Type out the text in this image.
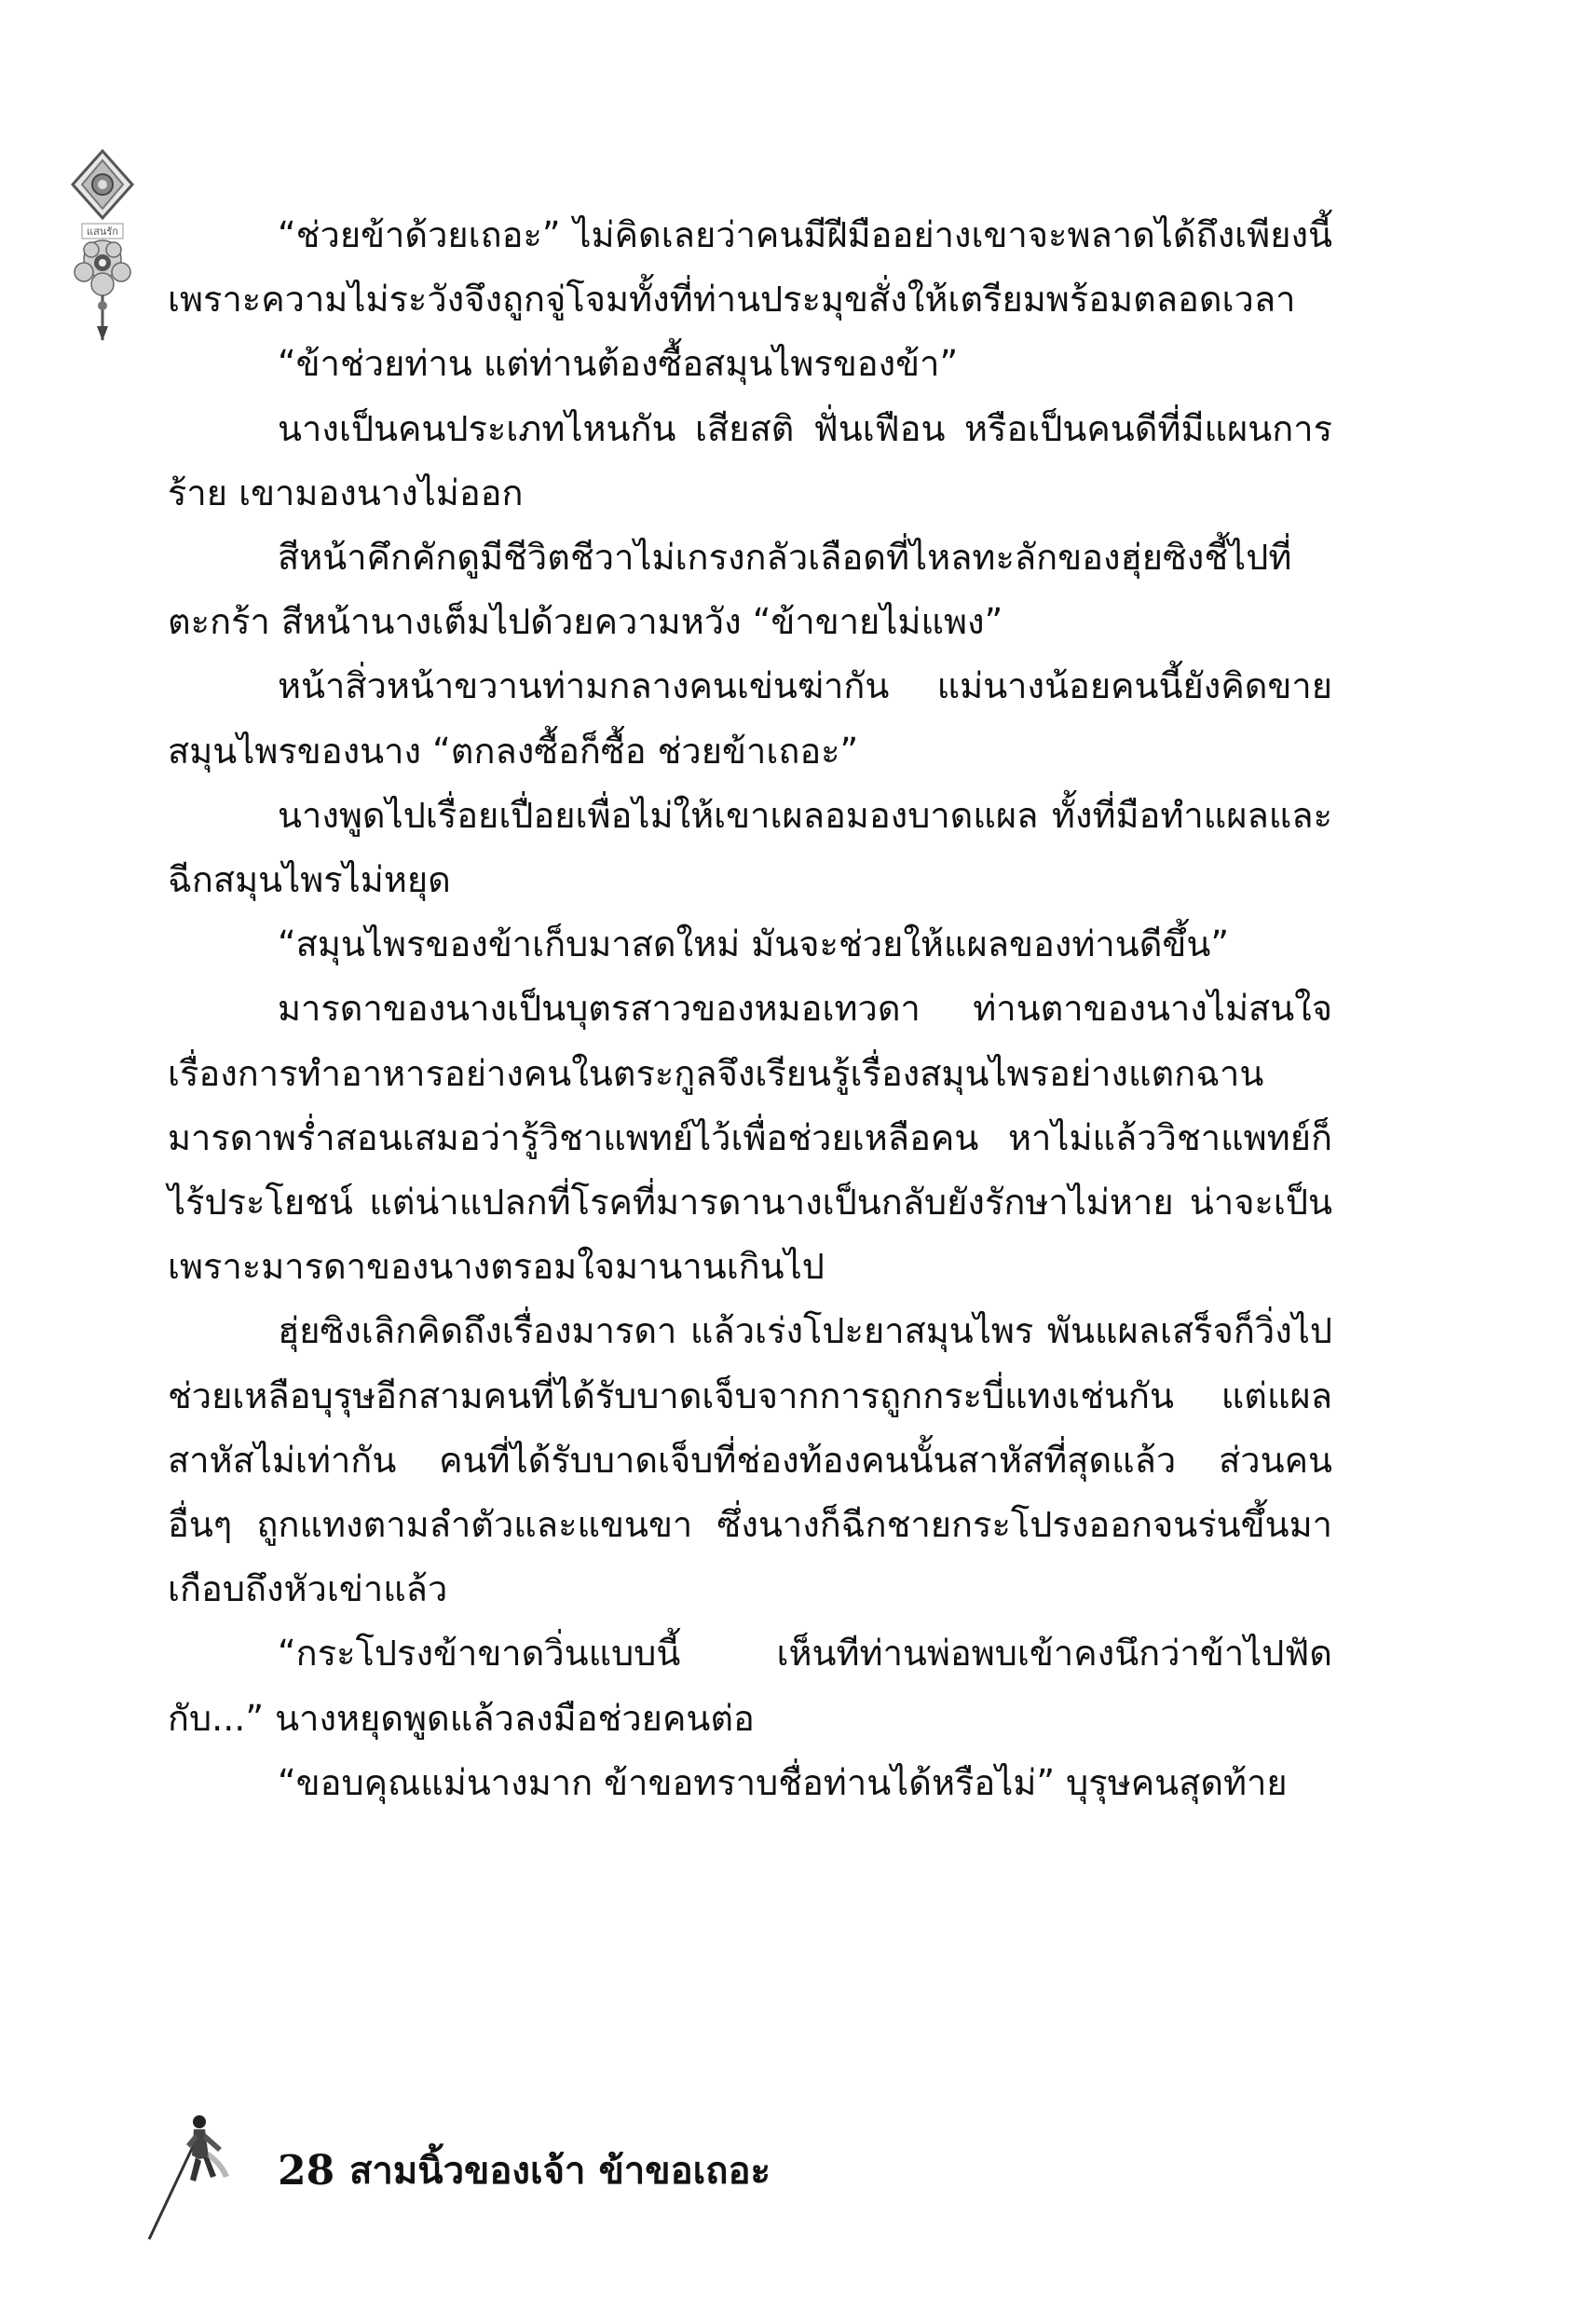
แสนรัก	“ช่วยข้าด้วยเถอะ” ไม่คิดเลยว่าคนมีฝีมืออย่างเขาจะพลาดได้ถึงเพียงนี้ เพราะความไม่ระวังจึงถูกจู่โจมทั้งที่ท่านประมุขสั่งให้เตรียมพร้อมตลอดเวลา

“ข้าช่วยท่าน แต่ท่านต้องซื้อสมุนไพรของข้า”

นางเป็นคนประเภทไหนกัน เสียสติ ฟั่นเฟือน หรือเป็นคนดีที่มีแผนการร้าย เขามองนางไม่ออก

สีหน้าคึกคักดูมีชีวิตชีวาไม่เกรงกลัวเลือดที่ไหลทะลักของฮุ่ยซิงชี้ไปที่ตะกร้า สีหน้านางเต็มไปด้วยความหวัง “ข้าขายไม่แพง”

หน้าสิ่วหน้าขวานท่ามกลางคนเข่นฆ่ากัน แม่นางน้อยคนนี้ยังคิดขายสมุนไพรของนาง “ตกลงซื้อก็ซื้อ ช่วยข้าเถอะ”

นางพูดไปเรื่อยเปื่อยเพื่อไม่ให้เขาเผลอมองบาดแผล ทั้งที่มือทำแผลและฉีกสมุนไพรไม่หยุด

“สมุนไพรของข้าเก็บมาสดใหม่ มันจะช่วยให้แผลของท่านดีขึ้น”

มารดาของนางเป็นบุตรสาวของหมอเทวดา ท่านตาของนางไม่สนใจเรื่องการทำอาหารอย่างคนในตระกูลจึงเรียนรู้เรื่องสมุนไพรอย่างแตกฉาน มารดาพร่ำสอนเสมอว่ารู้วิชาแพทย์ไว้เพื่อช่วยเหลือคน หาไม่แล้ววิชาแพทย์ก็ไร้ประโยชน์ แต่น่าแปลกที่โรคที่มารดานางเป็นกลับยังรักษาไม่หาย น่าจะเป็นเพราะมารดาของนางตรอมใจมานานเกินไป

ฮุ่ยซิงเลิกคิดถึงเรื่องมารดา แล้วเร่งโปะยาสมุนไพร พันแผลเสร็จก็วิ่งไปช่วยเหลือบุรุษอีกสามคนที่ได้รับบาดเจ็บจากการถูกกระบี่แทงเช่นกัน แต่แผลสาหัสไม่เท่ากัน คนที่ได้รับบาดเจ็บที่ช่องท้องคนนั้นสาหัสที่สุดแล้ว ส่วนคนอื่นๆ ถูกแทงตามลำตัวและแขนขา ซึ่งนางก็ฉีกชายกระโปรงออกจนร่นขึ้นมาเกือบถึงหัวเข่าแล้ว

“กระโปรงข้าขาดวิ่นแบบนี้ เห็นทีท่านพ่อพบเข้าคงนึกว่าข้าไปฟัดกับ...” นางหยุดพูดแล้วลงมือช่วยคนต่อ

“ขอบคุณแม่นางมาก ข้าขอทราบชื่อท่านได้หรือไม่” บุรุษคนสุดท้าย

28 สามนิ้วของเจ้า ข้าขอเถอะ
